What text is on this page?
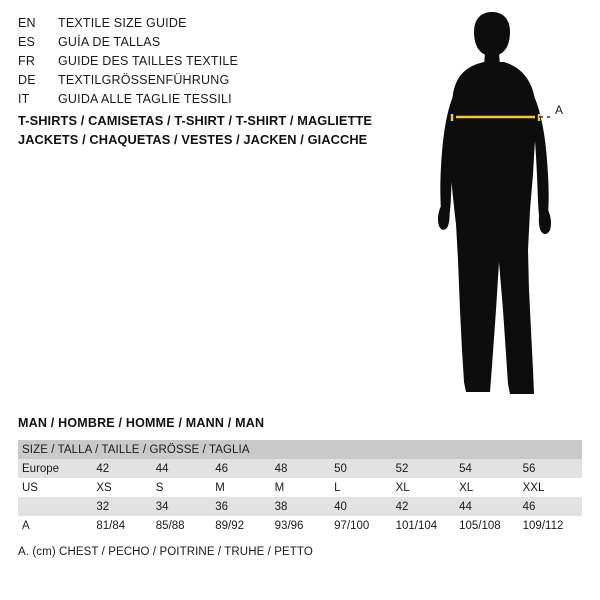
EN	TEXTILE SIZE GUIDE
ES	GUÍA DE TALLAS
FR	GUIDE DES TAILLES TEXTILE
DE	TEXTILGRÖSSENFÜHRUNG
IT	GUIDA ALLE TAGLIE TESSILI
T-SHIRTS / CAMISETAS / T-SHIRT / T-SHIRT / MAGLIETTE
JACKETS / CHAQUETAS / VESTES / JACKEN / GIACCHE
A
MAN / HOMBRE / HOMME / MANN / MAN
SIZE / TALLA / TAILLE / GRÖSSE / TAGLIA								
Europe	42	44	46	48	50	52	54	56
US	XS	S	M	M	L	XL	XL	XXL
	32	34	36	38	40	42	44	46
A	81/84	85/88	89/92	93/96	97/100	101/104	105/108	109/112
A. (cm) CHEST / PECHO / POITRINE / TRUHE / PETTO
